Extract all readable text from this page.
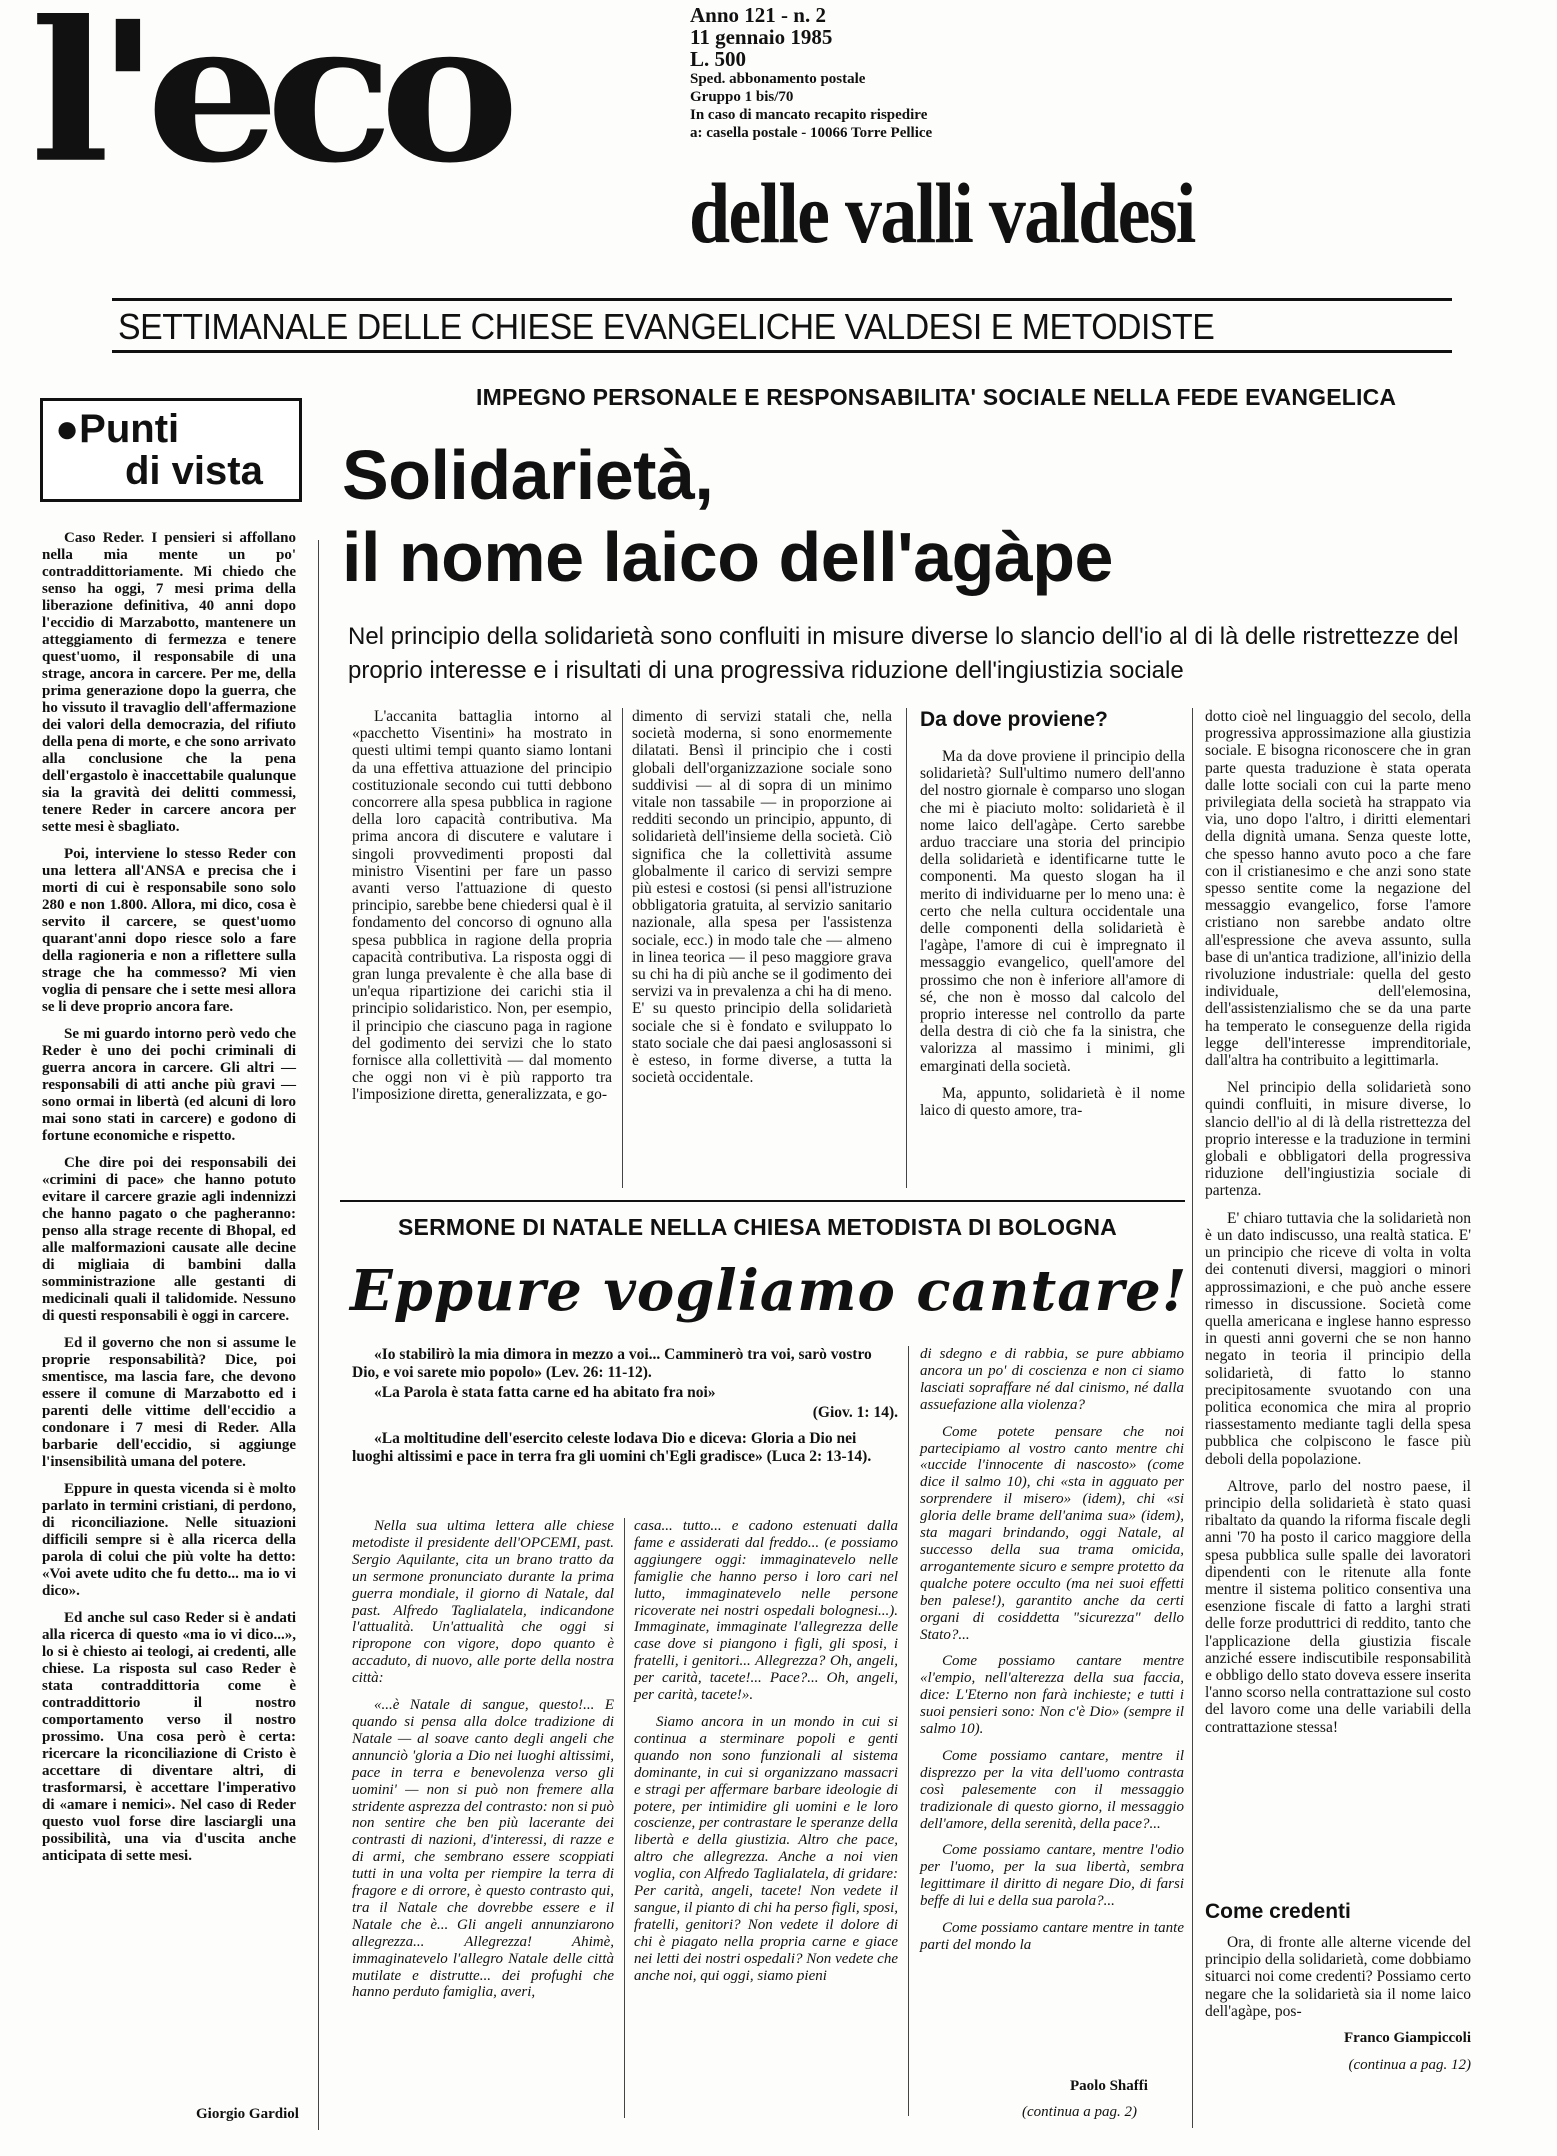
l'eco
delle valli valdesi
Anno 121 - n. 2
11 gennaio 1985
L. 500
Sped. abbonamento postale
Gruppo 1 bis/70
In caso di mancato recapito rispedire
a: casella postale - 10066 Torre Pellice
SETTIMANALE DELLE CHIESE EVANGELICHE VALDESI E METODISTE
●Punti
di vista

Caso Reder. I pensieri si affollano nella mia mente un po' contraddittoriamente. Mi chiedo che senso ha oggi, 7 mesi prima della liberazione definitiva, 40 anni dopo l'eccidio di Marzabotto, mantenere un atteggiamento di fermezza e tenere quest'uomo, il responsabile di una strage, ancora in carcere. Per me, della prima generazione dopo la guerra, che ho vissuto il travaglio dell'affermazione dei valori della democrazia, del rifiuto della pena di morte, e che sono arrivato alla conclusione che la pena dell'ergastolo è inaccettabile qualunque sia la gravità dei delitti commessi, tenere Reder in carcere ancora per sette mesi è sbagliato.

Poi, interviene lo stesso Reder con una lettera all'ANSA e precisa che i morti di cui è responsabile sono solo 280 e non 1.800. Allora, mi dico, cosa è servito il carcere, se quest'uomo quarant'anni dopo riesce solo a fare della ragioneria e non a riflettere sulla strage che ha commesso? Mi vien voglia di pensare che i sette mesi allora se li deve proprio ancora fare.

Se mi guardo intorno però vedo che Reder è uno dei pochi criminali di guerra ancora in carcere. Gli altri — responsabili di atti anche più gravi — sono ormai in libertà (ed alcuni di loro mai sono stati in carcere) e godono di fortune economiche e rispetto.

Che dire poi dei responsabili dei «crimini di pace» che hanno potuto evitare il carcere grazie agli indennizzi che hanno pagato o che pagheranno: penso alla strage recente di Bhopal, ed alle malformazioni causate alle decine di migliaia di bambini dalla somministrazione alle gestanti di medicinali quali il talidomide. Nessuno di questi responsabili è oggi in carcere.

Ed il governo che non si assume le proprie responsabilità? Dice, poi smentisce, ma lascia fare, che devono essere il comune di Marzabotto ed i parenti delle vittime dell'eccidio a condonare i 7 mesi di Reder. Alla barbarie dell'eccidio, si aggiunge l'insensibilità umana del potere.

Eppure in questa vicenda si è molto parlato in termini cristiani, di perdono, di riconciliazione. Nelle situazioni difficili sempre si è alla ricerca della parola di colui che più volte ha detto: «Voi avete udito che fu detto... ma io vi dico».

Ed anche sul caso Reder si è andati alla ricerca di questo «ma io vi dico...», lo si è chiesto ai teologi, ai credenti, alle chiese. La risposta sul caso Reder è stata contraddittoria come è contraddittorio il nostro comportamento verso il nostro prossimo. Una cosa però è certa: ricercare la riconciliazione di Cristo è accettare di diventare altri, di trasformarsi, è accettare l'imperativo di «amare i nemici». Nel caso di Reder questo vuol forse dire lasciargli una possibilità, una via d'uscita anche anticipata di sette mesi.

Giorgio Gardiol
IMPEGNO PERSONALE E RESPONSABILITA' SOCIALE NELLA FEDE EVANGELICA
Solidarietà,
il nome laico dell'agàpe
Nel principio della solidarietà sono confluiti in misure diverse lo slancio dell'io al di là delle ristrettezze del proprio interesse e i risultati di una progressiva riduzione dell'ingiustizia sociale

L'accanita battaglia intorno al «pacchetto Visentini» ha mostrato in questi ultimi tempi quanto siamo lontani da una effettiva attuazione del principio costituzionale secondo cui tutti debbono concorrere alla spesa pubblica in ragione della loro capacità contributiva. Ma prima ancora di discutere e valutare i singoli provvedimenti proposti dal ministro Visentini per fare un passo avanti verso l'attuazione di questo principio, sarebbe bene chiedersi qual è il fondamento del concorso di ognuno alla spesa pubblica in ragione della propria capacità contributiva. La risposta oggi di gran lunga prevalente è che alla base di un'equa ripartizione dei carichi stia il principio solidaristico. Non, per esempio, il principio che ciascuno paga in ragione del godimento dei servizi che lo stato fornisce alla collettività — dal momento che oggi non vi è più rapporto tra l'imposizione diretta, generalizzata, e go-

dimento di servizi statali che, nella società moderna, si sono enormemente dilatati. Bensì il principio che i costi globali dell'organizzazione sociale sono suddivisi — al di sopra di un minimo vitale non tassabile — in proporzione ai redditi secondo un principio, appunto, di solidarietà dell'insieme della società. Ciò significa che la collettività assume globalmente il carico di servizi sempre più estesi e costosi (si pensi all'istruzione obbligatoria gratuita, al servizio sanitario nazionale, alla spesa per l'assistenza sociale, ecc.) in modo tale che — almeno in linea teorica — il peso maggiore grava su chi ha di più anche se il godimento dei servizi va in prevalenza a chi ha di meno. E' su questo principio della solidarietà sociale che si è fondato e sviluppato lo stato sociale che dai paesi anglosassoni si è esteso, in forme diverse, a tutta la società occidentale.

Da dove proviene?

Ma da dove proviene il principio della solidarietà? Sull'ultimo numero dell'anno del nostro giornale è comparso uno slogan che mi è piaciuto molto: solidarietà è il nome laico dell'agàpe. Certo sarebbe arduo tracciare una storia del principio della solidarietà e identificarne tutte le componenti. Ma questo slogan ha il merito di individuarne per lo meno una: è certo che nella cultura occidentale una delle componenti della solidarietà è l'agàpe, l'amore di cui è impregnato il messaggio evangelico, quell'amore del prossimo che non è inferiore all'amore di sé, che non è mosso dal calcolo del proprio interesse nel controllo da parte della destra di ciò che fa la sinistra, che valorizza al massimo i minimi, gli emarginati della società.

Ma, appunto, solidarietà è il nome laico di questo amore, tra-

dotto cioè nel linguaggio del secolo, della progressiva approssimazione alla giustizia sociale. E bisogna riconoscere che in gran parte questa traduzione è stata operata dalle lotte sociali con cui la parte meno privilegiata della società ha strappato via via, uno dopo l'altro, i diritti elementari della dignità umana. Senza queste lotte, che spesso hanno avuto poco a che fare con il cristianesimo e che anzi sono state spesso sentite come la negazione del messaggio evangelico, forse l'amore cristiano non sarebbe andato oltre all'espressione che aveva assunto, sulla base di un'antica tradizione, all'inizio della rivoluzione industriale: quella del gesto individuale, dell'elemosina, dell'assistenzialismo che se da una parte ha temperato le conseguenze della rigida legge dell'interesse imprenditoriale, dall'altra ha contribuito a legittimarla.

Nel principio della solidarietà sono quindi confluiti, in misure diverse, lo slancio dell'io al di là della ristrettezza del proprio interesse e la traduzione in termini globali e obbligatori della progressiva riduzione dell'ingiustizia sociale di partenza.

E' chiaro tuttavia che la solidarietà non è un dato indiscusso, una realtà statica. E' un principio che riceve di volta in volta dei contenuti diversi, maggiori o minori approssimazioni, e che può anche essere rimesso in discussione. Società come quella americana e inglese hanno espresso in questi anni governi che se non hanno negato in teoria il principio della solidarietà, di fatto lo stanno precipitosamente svuotando con una politica economica che mira al proprio riassestamento mediante tagli della spesa pubblica che colpiscono le fasce più deboli della popolazione.

Altrove, parlo del nostro paese, il principio della solidarietà è stato quasi ribaltato da quando la riforma fiscale degli anni '70 ha posto il carico maggiore della spesa pubblica sulle spalle dei lavoratori dipendenti con le ritenute alla fonte mentre il sistema politico consentiva una esenzione fiscale di fatto a larghi strati delle forze produttrici di reddito, tanto che l'applicazione della giustizia fiscale anziché essere indiscutibile responsabilità e obbligo dello stato doveva essere inserita l'anno scorso nella contrattazione sul costo del lavoro come una delle variabili della contrattazione stessa!

Come credenti

Ora, di fronte alle alterne vicende del principio della solidarietà, come dobbiamo situarci noi come credenti? Possiamo certo negare che la solidarietà sia il nome laico dell'agàpe, pos-

Franco Giampiccoli
(continua a pag. 12)
SERMONE DI NATALE NELLA CHIESA METODISTA DI BOLOGNA
Eppure vogliamo cantare!

«Io stabilirò la mia dimora in mezzo a voi... Camminerò tra voi, sarò vostro Dio, e voi sarete mio popolo» (Lev. 26: 11-12).

«La Parola è stata fatta carne ed ha abitato fra noi»

(Giov. 1: 14).

«La moltitudine dell'esercito celeste lodava Dio e diceva: Gloria a Dio nei luoghi altissimi e pace in terra fra gli uomini ch'Egli gradisce» (Luca 2: 13-14).

Nella sua ultima lettera alle chiese metodiste il presidente dell'OPCEMI, past. Sergio Aquilante, cita un brano tratto da un sermone pronunciato durante la prima guerra mondiale, il giorno di Natale, dal past. Alfredo Taglialatela, indicandone l'attualità. Un'attualità che oggi si ripropone con vigore, dopo quanto è accaduto, di nuovo, alle porte della nostra città:

«...è Natale di sangue, questo!... E quando si pensa alla dolce tradizione di Natale — al soave canto degli angeli che annunciò 'gloria a Dio nei luoghi altissimi, pace in terra e benevolenza verso gli uomini' — non si può non fremere alla stridente asprezza del contrasto: non si può non sentire che ben più lacerante dei contrasti di nazioni, d'interessi, di razze e di armi, che sembrano essere scoppiati tutti in una volta per riempire la terra di fragore e di orrore, è questo contrasto qui, tra il Natale che dovrebbe essere e il Natale che è... Gli angeli annunziarono allegrezza... Allegrezza! Ahimè, immaginatevelo l'allegro Natale delle città mutilate e distrutte... dei profughi che hanno perduto famiglia, averi,

casa... tutto... e cadono estenuati dalla fame e assiderati dal freddo... (e possiamo aggiungere oggi: immaginatevelo nelle famiglie che hanno perso i loro cari nel lutto, immaginatevelo nelle persone ricoverate nei nostri ospedali bolognesi...). Immaginate, immaginate l'allegrezza delle case dove si piangono i figli, gli sposi, i fratelli, i genitori... Allegrezza? Oh, angeli, per carità, tacete!... Pace?... Oh, angeli, per carità, tacete!».

Siamo ancora in un mondo in cui si continua a sterminare popoli e genti quando non sono funzionali al sistema dominante, in cui si organizzano massacri e stragi per affermare barbare ideologie di potere, per intimidire gli uomini e le loro coscienze, per contrastare le speranze della libertà e della giustizia. Altro che pace, altro che allegrezza. Anche a noi vien voglia, con Alfredo Taglialatela, di gridare: Per carità, angeli, tacete! Non vedete il sangue, il pianto di chi ha perso figli, sposi, fratelli, genitori? Non vedete il dolore di chi è piagato nella propria carne e giace nei letti dei nostri ospedali? Non vedete che anche noi, qui oggi, siamo pieni

di sdegno e di rabbia, se pure abbiamo ancora un po' di coscienza e non ci siamo lasciati sopraffare né dal cinismo, né dalla assuefazione alla violenza?

Come potete pensare che noi partecipiamo al vostro canto mentre chi «uccide l'innocente di nascosto» (come dice il salmo 10), chi «sta in agguato per sorprendere il misero» (idem), chi «si gloria delle brame dell'anima sua» (idem), sta magari brindando, oggi Natale, al successo della sua trama omicida, arrogantemente sicuro e sempre protetto da qualche potere occulto (ma nei suoi effetti ben palese!), garantito anche da certi organi di cosiddetta "sicurezza" dello Stato?...

Come possiamo cantare mentre «l'empio, nell'alterezza della sua faccia, dice: L'Eterno non farà inchieste; e tutti i suoi pensieri sono: Non c'è Dio» (sempre il salmo 10).

Come possiamo cantare, mentre il disprezzo per la vita dell'uomo contrasta così palesemente con il messaggio tradizionale di questo giorno, il messaggio dell'amore, della serenità, della pace?...

Come possiamo cantare, mentre l'odio per l'uomo, per la sua libertà, sembra legittimare il diritto di negare Dio, di farsi beffe di lui e della sua parola?...

Come possiamo cantare mentre in tante parti del mondo la

Paolo Shaffi
(continua a pag. 2)
